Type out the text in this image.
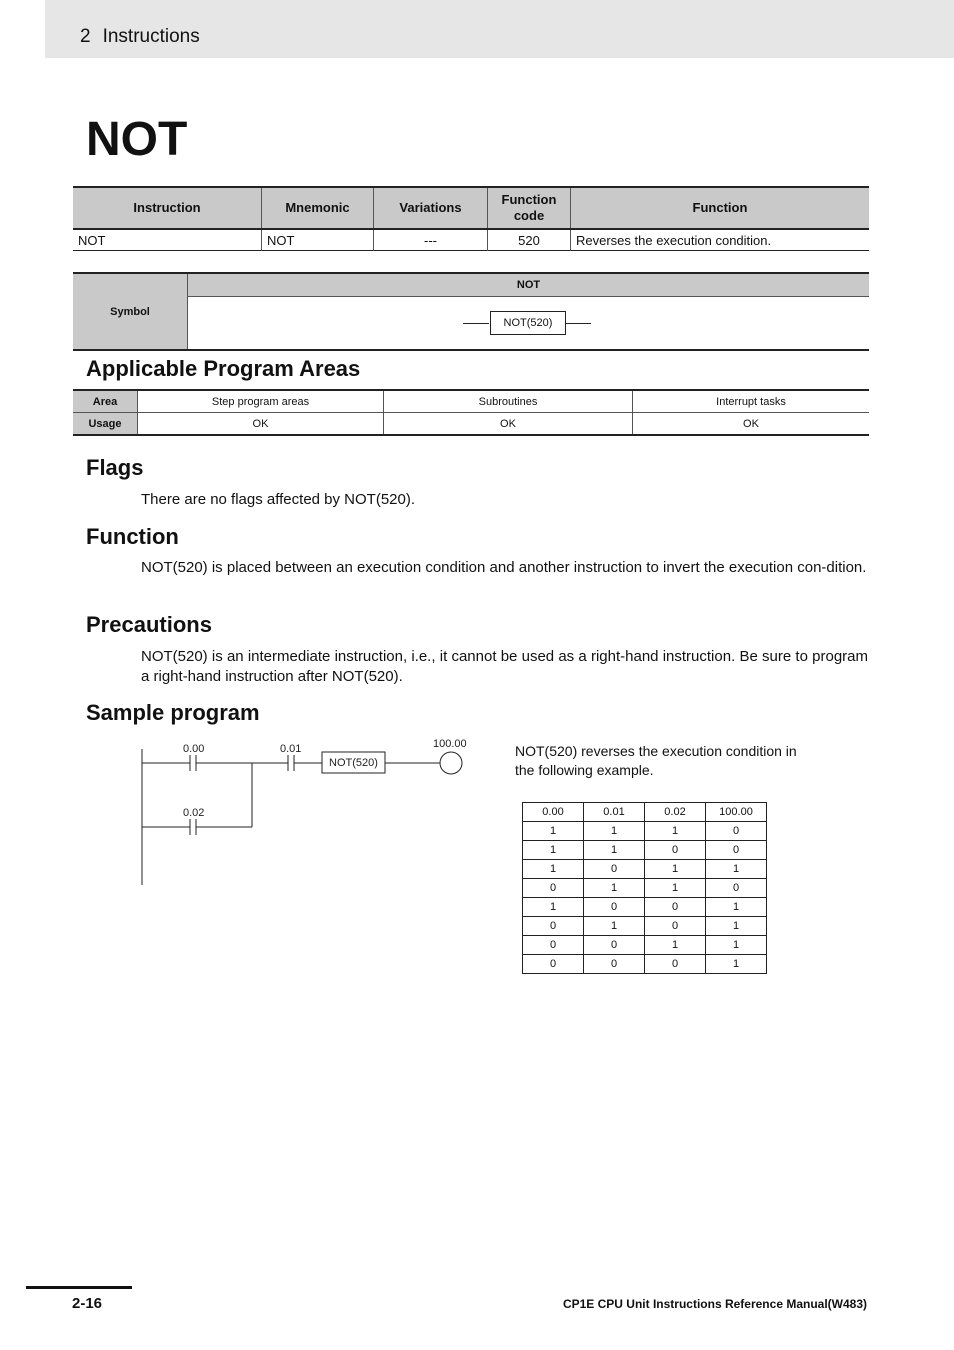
2 Instructions
NOT
Instruction	Mnemonic	Variations	Function code	Function
NOT	NOT	---	520	Reverses the execution condition.
Symbol	NOT

NOT(520)
Applicable Program Areas
Area	Step program areas	Subroutines	Interrupt tasks
Usage	OK	OK	OK
Flags
There are no flags affected by NOT(520).
Function
NOT(520) is placed between an execution condition and another instruction to invert the execution con-dition.
Precautions
NOT(520) is an intermediate instruction, i.e., it cannot be used as a right-hand instruction. Be sure to program a right-hand instruction after NOT(520).
Sample program
0.00	0.01
0.02
NOT(520)
100.00	NOT(520) reverses the execution condition in the following example.
0.00	0.01	0.02	100.00
1	1	1	0
1	1	0	0
1	0	1	1
0	1	1	0
1	0	0	1
0	1	0	1
0	0	1	1
0	0	0	1
2-16	CP1E CPU Unit Instructions Reference Manual(W483)
